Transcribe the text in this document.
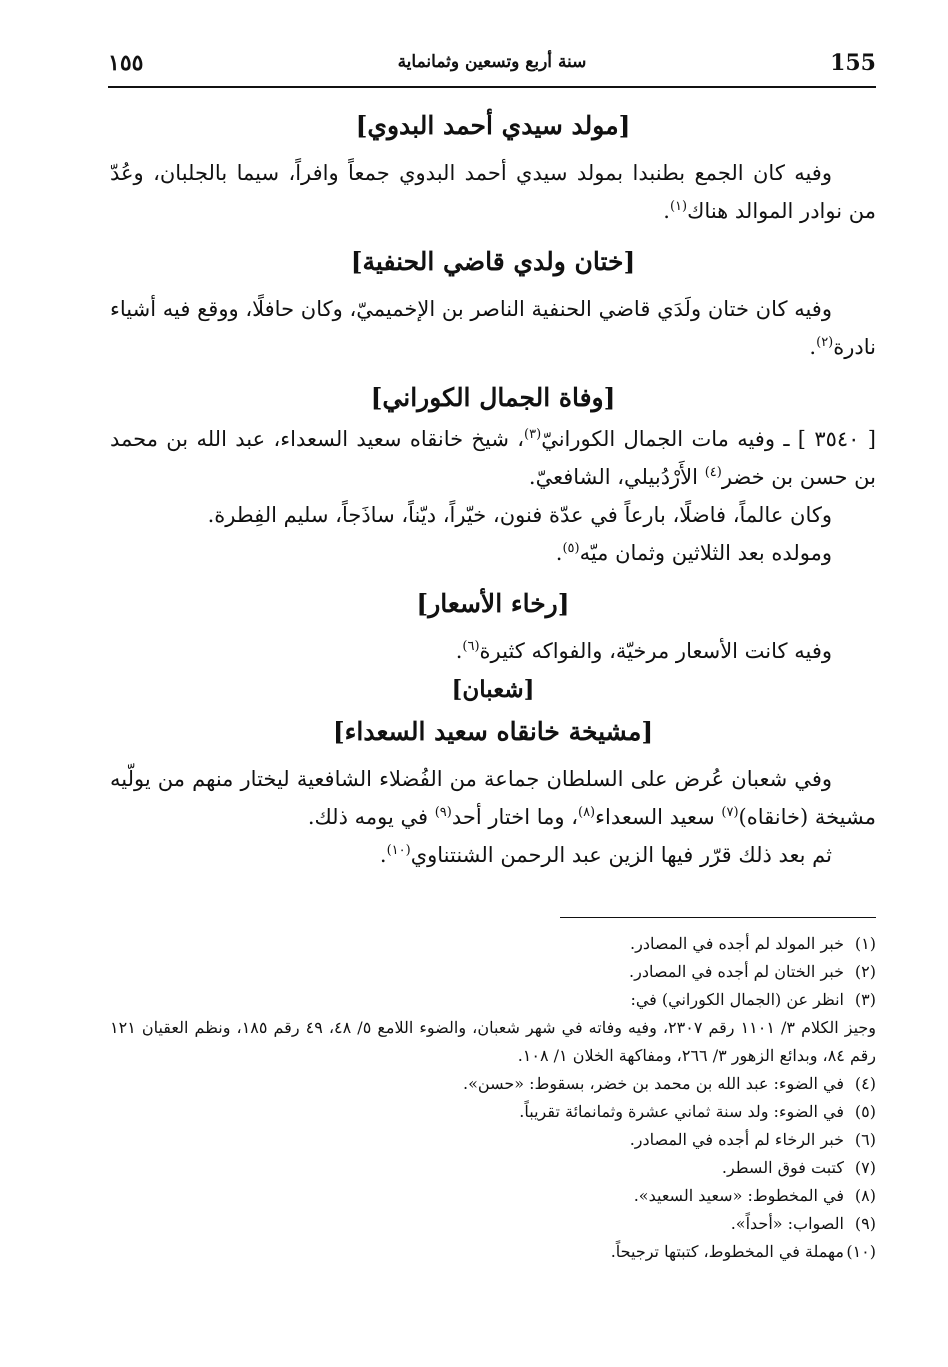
155
سنة أربع وتسعين وثمانماية
١٥٥
[مولد سيدي أحمد البدوي]

وفيه كان الجمع بطنبدا بمولد سيدي أحمد البدوي جمعاً وافراً، سيما بالجلبان، وعُدّ من نوادر الموالد هناك$^{(١)}$.

[ختان ولدي قاضي الحنفية]

وفيه كان ختان ولَدَي قاضي الحنفية الناصر بن الإخميميّ، وكان حافلًا، ووقع فيه أشياء نادرة$^{(٢)}$.

[وفاة الجمال الكوراني]

[ ٣٥٤٠ ] ـ وفيه مات الجمال الكورانيّ$^{(٣)}$، شيخ خانقاه سعيد السعداء، عبد الله بن محمد بن حسن بن خضر$^{(٤)}$ الأَرْدُبيلي، الشافعيّ.

وكان عالماً، فاضلًا، بارعاً في عدّة فنون، خيّراً، ديّناً، ساذَجاً، سليم الفِطرة.

ومولده بعد الثلاثين وثمان ميّه$^{(٥)}$.

[رخاء الأسعار]

وفيه كانت الأسعار مرخيّة، والفواكه كثيرة$^{(٦)}$.

[شعبان]
[مشيخة خانقاه سعيد السعداء]

وفي شعبان عُرض على السلطان جماعة من الفُضلاء الشافعية ليختار منهم من يولّيه مشيخة (خانقاه)$^{(٧)}$ سعيد السعداء$^{(٨)}$، وما اختار أحد$^{(٩)}$ في يومه ذلك.

ثم بعد ذلك قرّر فيها الزين عبد الرحمن الشنتناوي$^{(١٠)}$.

(١)خبر المولد لم أجده في المصادر.

(٢)خبر الختان لم أجده في المصادر.

(٣)انظر عن (الجمال الكوراني) في:

وجيز الكلام ٣/ ١١٠١ رقم ٢٣٠٧، وفيه وفاته في شهر شعبان، والضوء اللامع ٥/ ٤٨، ٤٩ رقم ١٨٥، ونظم العقيان ١٢١ رقم ٨٤، وبدائع الزهور ٣/ ٢٦٦، ومفاكهة الخلان ١/ ١٠٨.

(٤)في الضوء: عبد الله بن محمد بن خضر، بسقوط: «حسن».

(٥)في الضوء: ولد سنة ثماني عشرة وثمانمائة تقريباً.

(٦)خبر الرخاء لم أجده في المصادر.

(٧)كتبت فوق السطر.

(٨)في المخطوط: «سعيد السعيد».

(٩)الصواب: «أحداً».

(١٠)مهملة في المخطوط، كتبتها ترجيحاً.
